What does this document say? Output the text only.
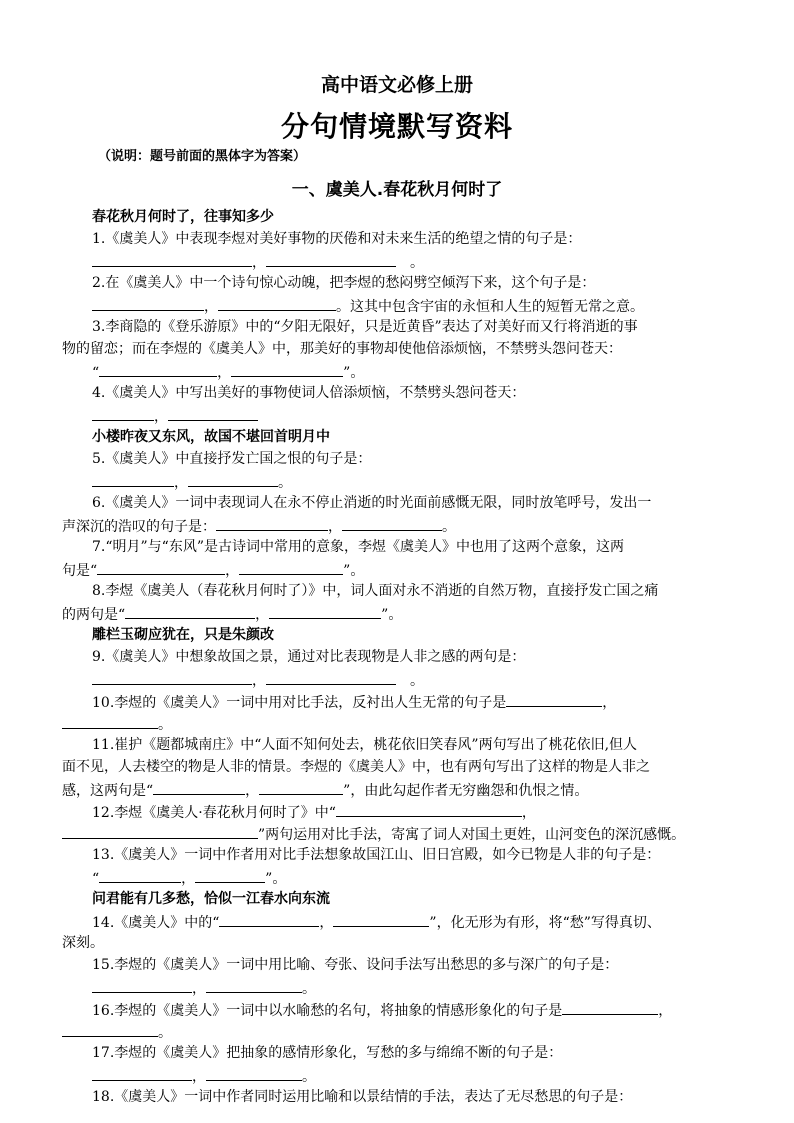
高中语文必修上册
分句情境默写资料
（说明：题号前面的黑体字为答案）
一、虞美人.春花秋月何时了
春花秋月何时了，往事知多少
1.《虞美人》中表现李煜对美好事物的厌倦和对未来生活的绝望之情的句子是：
，	。
2.在《虞美人》中一个诗句惊心动魄，把李煜的愁闷劈空倾泻下来，这个句子是：
，	。这其中包含宇宙的永恒和人生的短暂无常之意。
3.李商隐的《登乐游原》中的“夕阳无限好，只是近黄昏”表达了对美好而又行将消逝的事
物的留恋；而在李煜的《虞美人》中，那美好的事物却使他倍添烦恼，不禁劈头怨问苍天：
“	，	”。
4.《虞美人》中写出美好的事物使词人倍添烦恼，不禁劈头怨问苍天：
，
小楼昨夜又东风，故国不堪回首明月中
5.《虞美人》中直接抒发亡国之恨的句子是：
，	。
6.《虞美人》一词中表现词人在永不停止消逝的时光面前感慨无限，同时放笔呼号，发出一
声深沉的浩叹的句子是：	，	。
7.“明月”与“东风”是古诗词中常用的意象，李煜《虞美人》中也用了这两个意象，这两
句是“	，	”。
8.李煜《虞美人（春花秋月何时了）》中，词人面对永不消逝的自然万物，直接抒发亡国之痛
的两句是“	，	”。
雕栏玉砌应犹在，只是朱颜改
9.《虞美人》中想象故国之景，通过对比表现物是人非之感的两句是：
，	。
10.李煜的《虞美人》一词中用对比手法，反衬出人生无常的句子是	，
。
11.崔护《题都城南庄》中“人面不知何处去，桃花依旧笑春风”两句写出了桃花依旧,但人
面不见，人去楼空的物是人非的情景。李煜的《虞美人》中，也有两句写出了这样的物是人非之
感，这两句是“	，	”，由此勾起作者无穷幽怨和仇恨之情。
12.李煜《虞美人·春花秋月何时了》中“	，
”两句运用对比手法，寄寓了词人对国土更姓，山河变色的深沉感慨。
13.《虞美人》一词中作者用对比手法想象故国江山、旧日宫殿，如今已物是人非的句子是：
“	，	”。
问君能有几多愁，恰似一江春水向东流
14.《虞美人》中的“	，	”，化无形为有形，将“愁”写得真切、
深刻。
15.李煜的《虞美人》一词中用比喻、夸张、设问手法写出愁思的多与深广的句子是：
，	。
16.李煜的《虞美人》一词中以水喻愁的名句，将抽象的情感形象化的句子是	，
。
17.李煜的《虞美人》把抽象的感情形象化，写愁的多与绵绵不断的句子是：
，	。
18.《虞美人》一词中作者同时运用比喻和以景结情的手法，表达了无尽愁思的句子是：
